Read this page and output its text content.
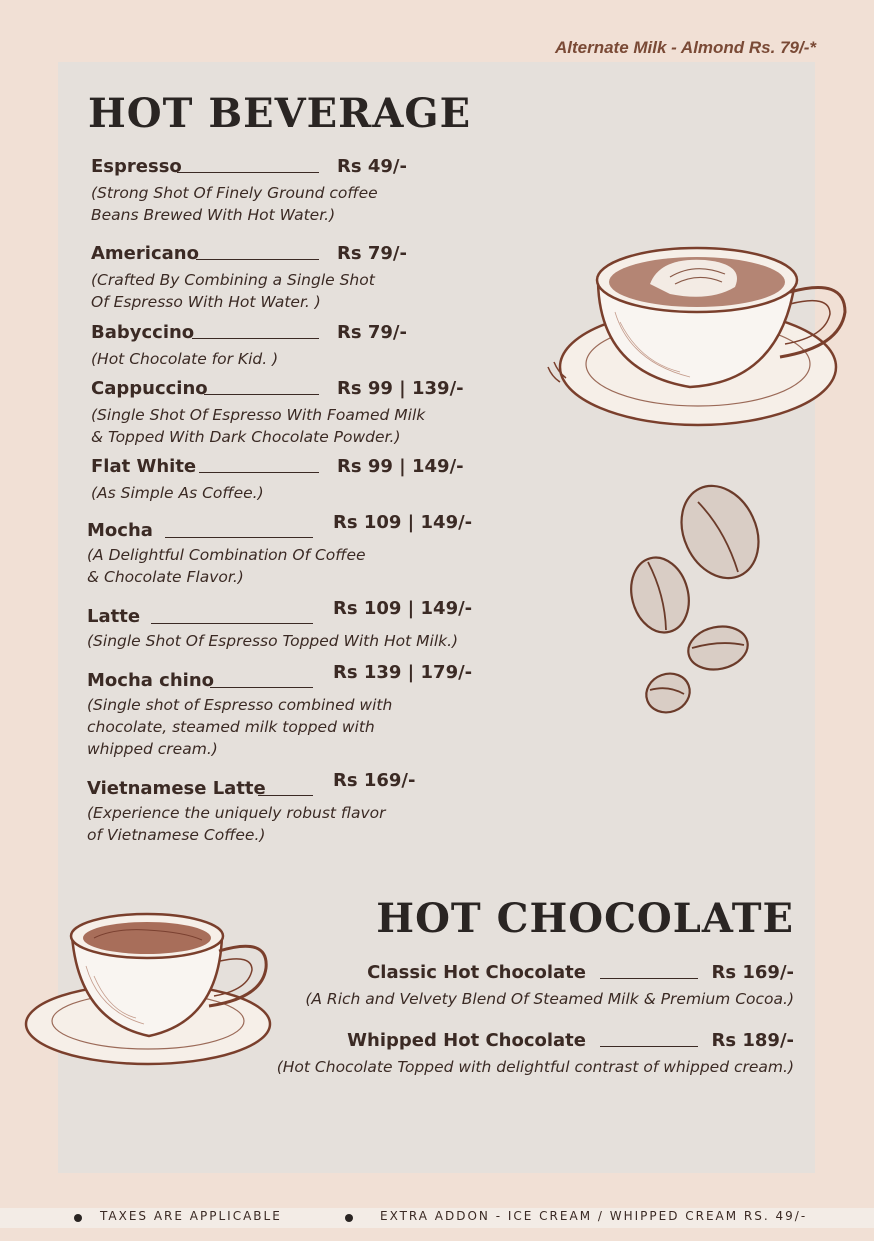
Alternate Milk - Almond Rs. 79/-*
HOT BEVERAGE
Espresso	Rs 49/-
(Strong Shot Of Finely Ground coffee
Beans Brewed With Hot Water.)
Americano	Rs 79/-
(Crafted By Combining a Single Shot
Of Espresso With Hot Water. )
Babyccino	Rs 79/-
(Hot Chocolate for Kid. )
Cappuccino	Rs 99 | 139/-
(Single Shot Of Espresso With Foamed Milk
& Topped With Dark Chocolate Powder.)
Flat White	Rs 99 | 149/-
(As Simple As Coffee.)
Mocha	Rs 109 | 149/-
(A Delightful Combination Of Coffee
& Chocolate Flavor.)
Latte	Rs 109 | 149/-
(Single Shot Of Espresso Topped With Hot Milk.)
Mocha chino	Rs 139 | 179/-
(Single shot of Espresso combined with
chocolate, steamed milk topped with
whipped cream.)
Vietnamese Latte	Rs 169/-
(Experience the uniquely robust flavor
of Vietnamese Coffee.)
HOT CHOCOLATE
Classic Hot Chocolate	Rs 169/-
(A Rich and Velvety Blend Of Steamed Milk & Premium Cocoa.)
Whipped Hot Chocolate	Rs 189/-
(Hot Chocolate Topped with delightful contrast of whipped cream.)
TAXES ARE APPLICABLE	EXTRA ADDON - ICE CREAM / WHIPPED CREAM RS. 49/-
